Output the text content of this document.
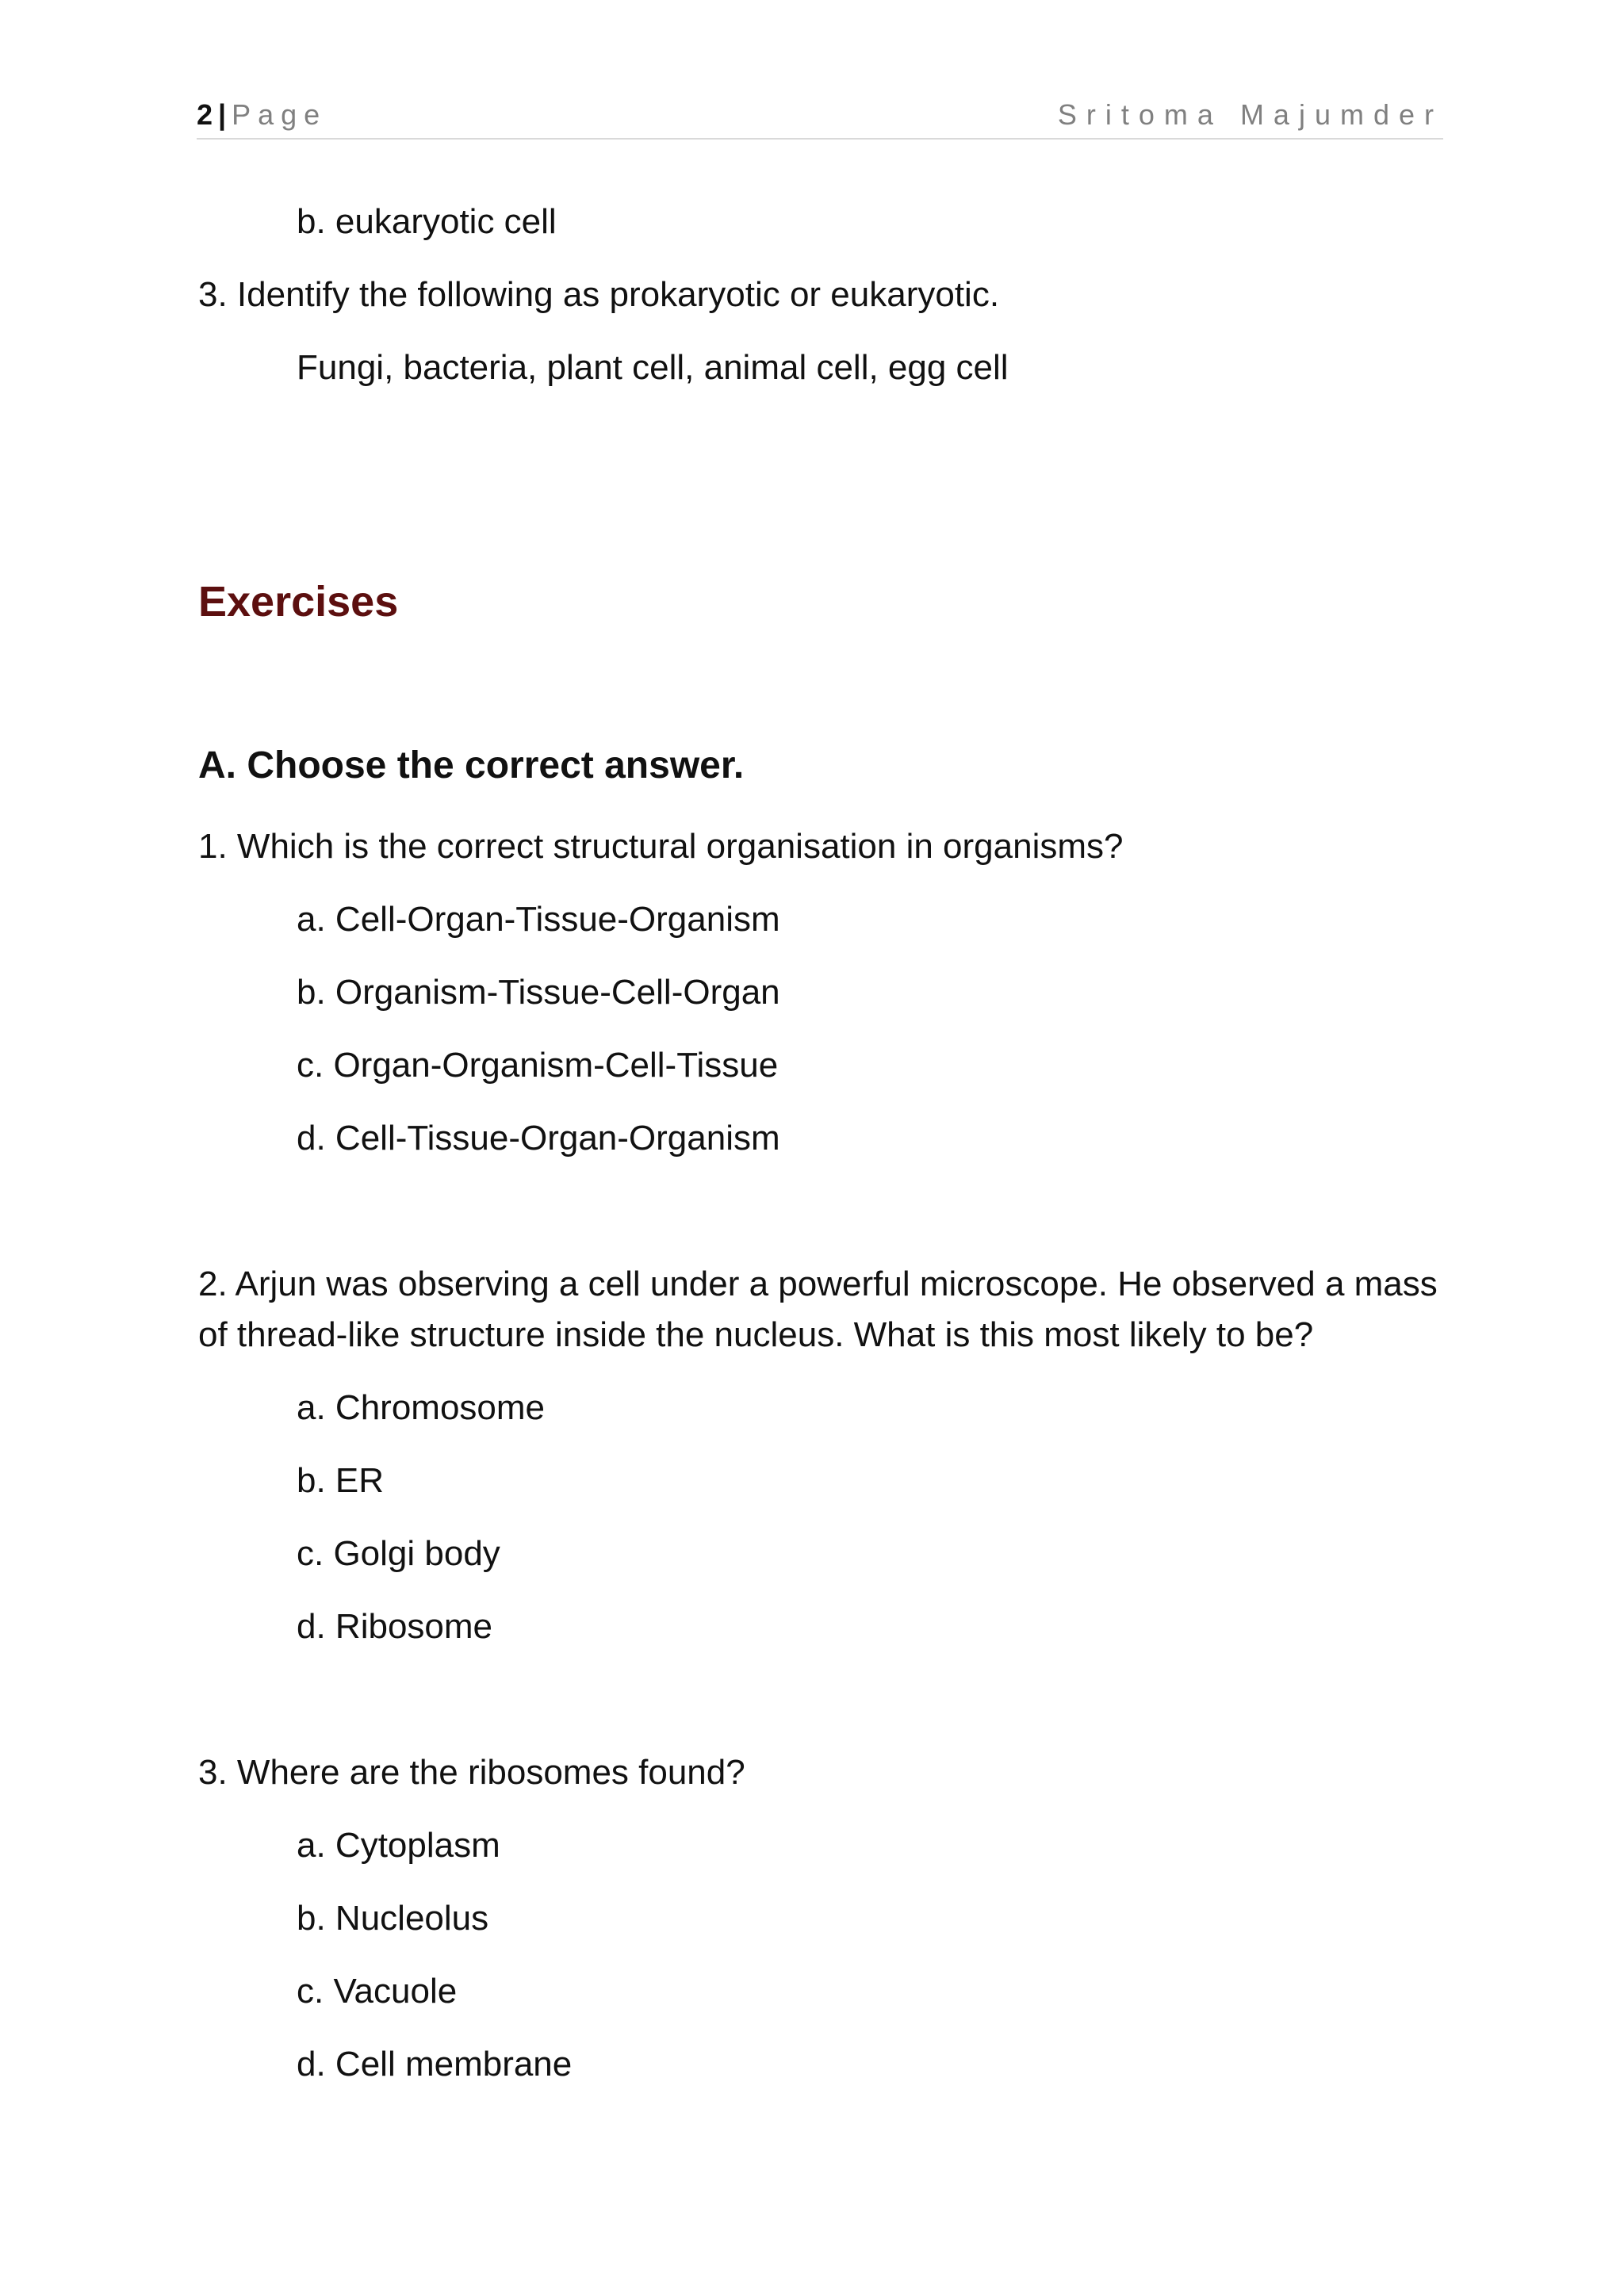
2 | Page	Sritoma Majumder
b. eukaryotic cell
3. Identify the following as prokaryotic or eukaryotic.
Fungi, bacteria, plant cell, animal cell, egg cell
Exercises
A. Choose the correct answer.
1. Which is the correct structural organisation in organisms?
a. Cell-Organ-Tissue-Organism
b. Organism-Tissue-Cell-Organ
c. Organ-Organism-Cell-Tissue
d. Cell-Tissue-Organ-Organism
2. Arjun was observing a cell under a powerful microscope. He observed a mass of thread-like structure inside the nucleus. What is this most likely to be?
a. Chromosome
b. ER
c. Golgi body
d. Ribosome
3. Where are the ribosomes found?
a. Cytoplasm
b. Nucleolus
c. Vacuole
d. Cell membrane
